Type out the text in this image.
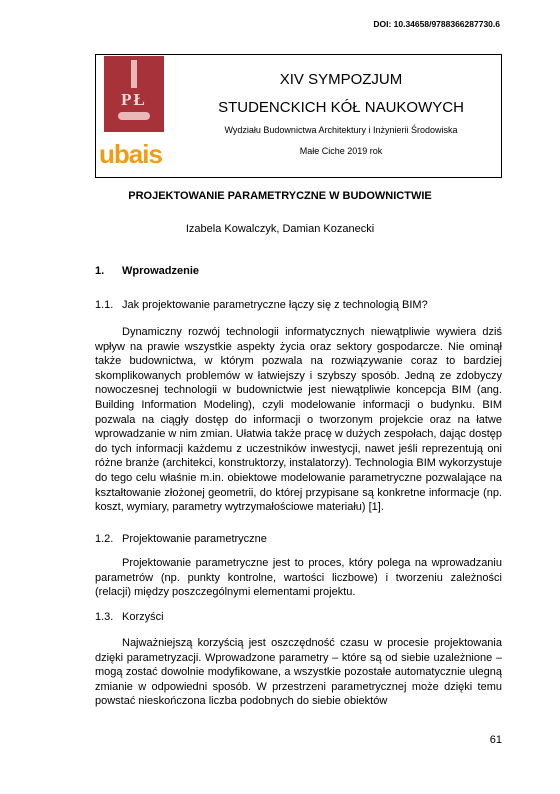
DOI: 10.34658/9788366287730.6
PŁ
ubais
XIV SYMPOZJUM
STUDENCKICH KÓŁ NAUKOWYCH
Wydziału Budownictwa Architektury i Inżynierii Środowiska
Małe Ciche 2019 rok
PROJEKTOWANIE PARAMETRYCZNE W BUDOWNICTWIE
Izabela Kowalczyk, Damian Kozanecki
1. Wprowadzenie
1.1. Jak projektowanie parametryczne łączy się z technologią BIM?

Dynamiczny rozwój technologii informatycznych niewątpliwie wywiera dziś wpływ na prawie wszystkie aspekty życia oraz sektory gospodarcze. Nie ominął także budownictwa, w którym pozwala na rozwiązywanie coraz to bardziej skomplikowanych problemów w łatwiejszy i szybszy sposób. Jedną ze zdobyczy nowoczesnej technologii w budownictwie jest niewątpliwie koncepcja BIM (ang. Building Information Modeling), czyli modelowanie informacji o budynku. BIM pozwala na ciągły dostęp do informacji o tworzonym projekcie oraz na łatwe wprowadzanie w nim zmian. Ułatwia także pracę w dużych zespołach, dając dostęp do tych informacji każdemu z uczestników inwestycji, nawet jeśli reprezentują oni różne branże (architekci, konstruktorzy, instalatorzy). Technologia BIM wykorzystuje do tego celu właśnie m.in. obiektowe modelowanie parametryczne pozwalające na kształtowanie złożonej geometrii, do której przypisane są konkretne informacje (np. koszt, wymiary, parametry wytrzymałościowe materiału) [1].

1.2. Projektowanie parametryczne

Projektowanie parametryczne jest to proces, który polega na wprowadzaniu parametrów (np. punkty kontrolne, wartości liczbowe) i tworzeniu zależności (relacji) między poszczególnymi elementami projektu.

1.3. Korzyści

Najważniejszą korzyścią jest oszczędność czasu w procesie projektowania dzięki parametryzacji. Wprowadzone parametry – które są od siebie uzależnione – mogą zostać dowolnie modyfikowane, a wszystkie pozostałe automatycznie ulegną zmianie w odpowiedni sposób. W przestrzeni parametrycznej może dzięki temu powstać nieskończona liczba podobnych do siebie obiektów

61
